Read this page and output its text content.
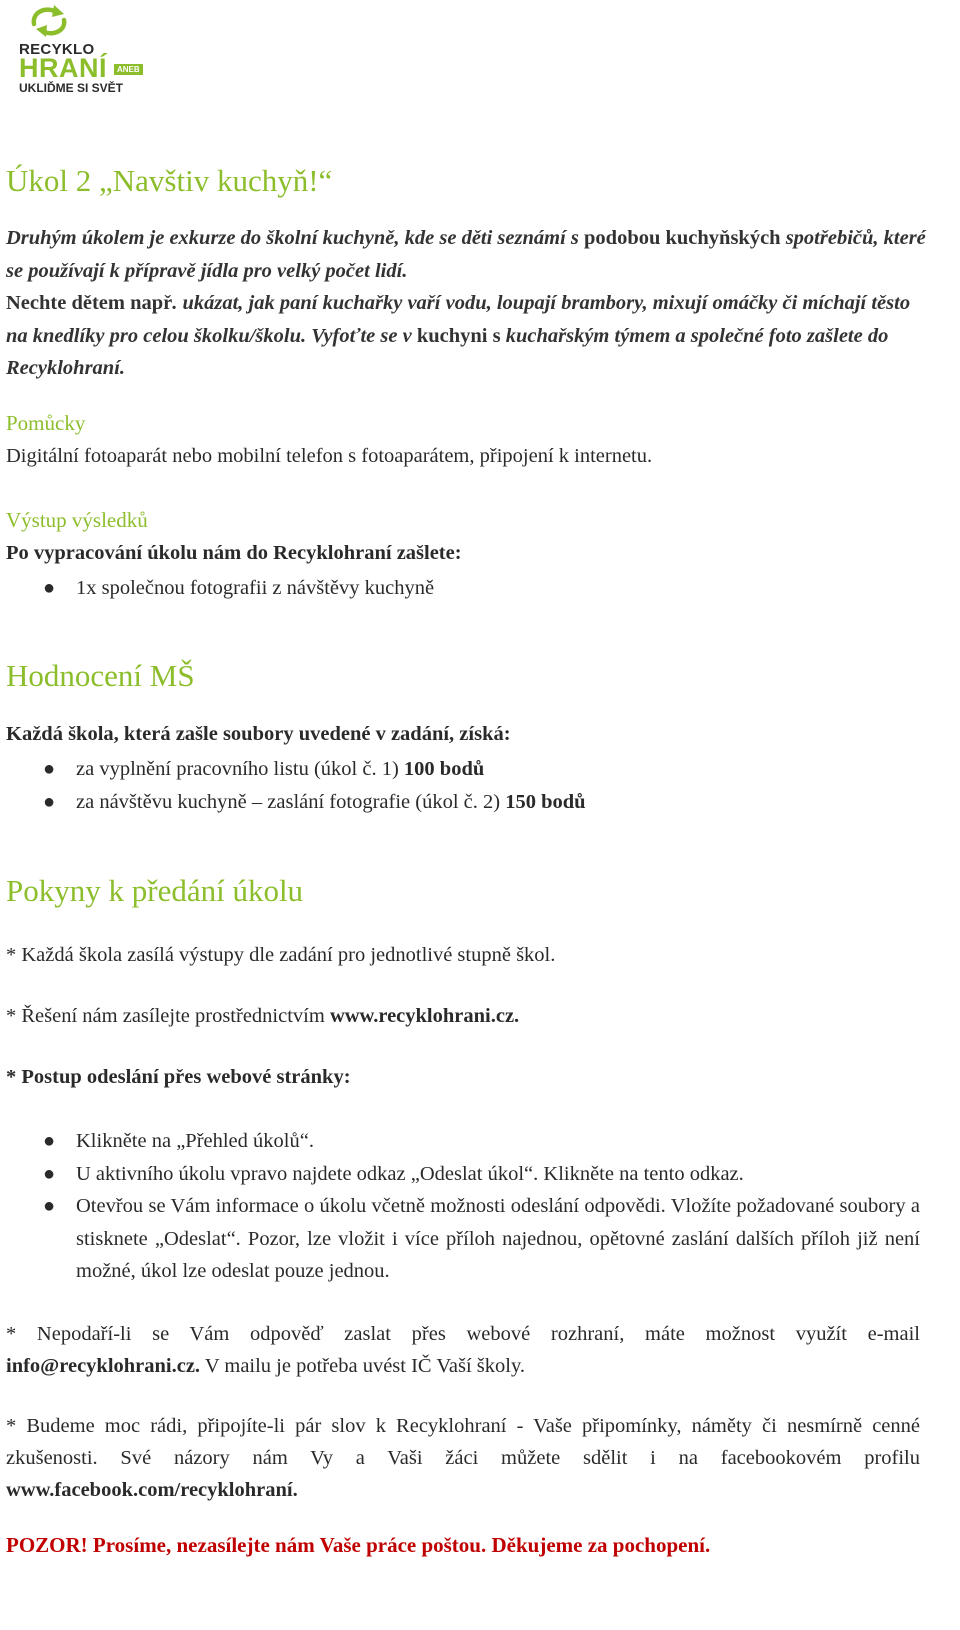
RECYKLO
HRANÍ	ANEB
UKLIĎME SI SVĚT
Úkol 2 „Navštiv kuchyň!“

Druhým úkolem je exkurze do školní kuchyně, kde se děti seznámí s podobou kuchyňských spotřebičů, které se používají k přípravě jídla pro velký počet lidí.
Nechte dětem např. ukázat, jak paní kuchařky vaří vodu, loupají brambory, mixují omáčky či míchají těsto na knedlíky pro celou školku/školu. Vyfoťte se v kuchyni s kuchařským týmem a společné foto zašlete do Recyklohraní.

Pomůcky

Digitální fotoaparát nebo mobilní telefon s fotoaparátem, připojení k internetu.

Výstup výsledků

Po vypracování úkolu nám do Recyklohraní zašlete:

● 1x společnou fotografii z návštěvy kuchyně
Hodnocení MŠ

Každá škola, která zašle soubory uvedené v zadání, získá:

● za vyplnění pracovního listu (úkol č. 1) 100 bodů
● za návštěvu kuchyně – zaslání fotografie (úkol č. 2) 150 bodů
Pokyny k předání úkolu

* Každá škola zasílá výstupy dle zadání pro jednotlivé stupně škol.

* Řešení nám zasílejte prostřednictvím www.recyklohrani.cz.

* Postup odeslání přes webové stránky:

● Klikněte na „Přehled úkolů“.
● U aktivního úkolu vpravo najdete odkaz „Odeslat úkol“. Klikněte na tento odkaz.
● Otevřou se Vám informace o úkolu včetně možnosti odeslání odpovědi. Vložíte požadované soubory a stisknete „Odeslat“. Pozor, lze vložit i více příloh najednou, opětovné zaslání dalších příloh již není možné, úkol lze odeslat pouze jednou.

* Nepodaří-li se Vám odpověď zaslat přes webové rozhraní, máte možnost využít e-mail info@recyklohrani.cz. V mailu je potřeba uvést IČ Vaší školy.

* Budeme moc rádi, připojíte-li pár slov k Recyklohraní - Vaše připomínky, náměty či nesmírně cenné zkušenosti. Své názory nám Vy a Vaši žáci můžete sdělit i na facebookovém profilu www.facebook.com/recyklohraní.

POZOR! Prosíme, nezasílejte nám Vaše práce poštou. Děkujeme za pochopení.
